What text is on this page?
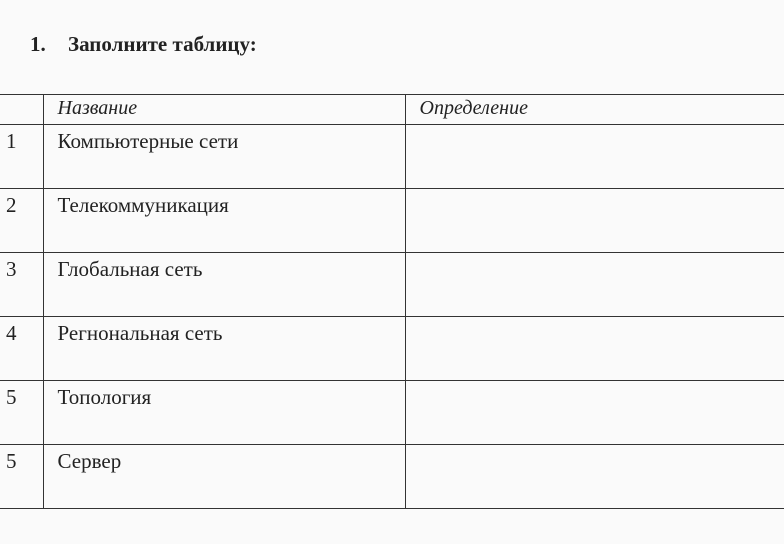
1. Заполните таблицу:
	Название	Определение
1	Компьютерные сети	
2	Телекоммуникация	
3	Глобальная сеть	
4	Регнональная сеть	
5	Топология	
5	Сервер	
